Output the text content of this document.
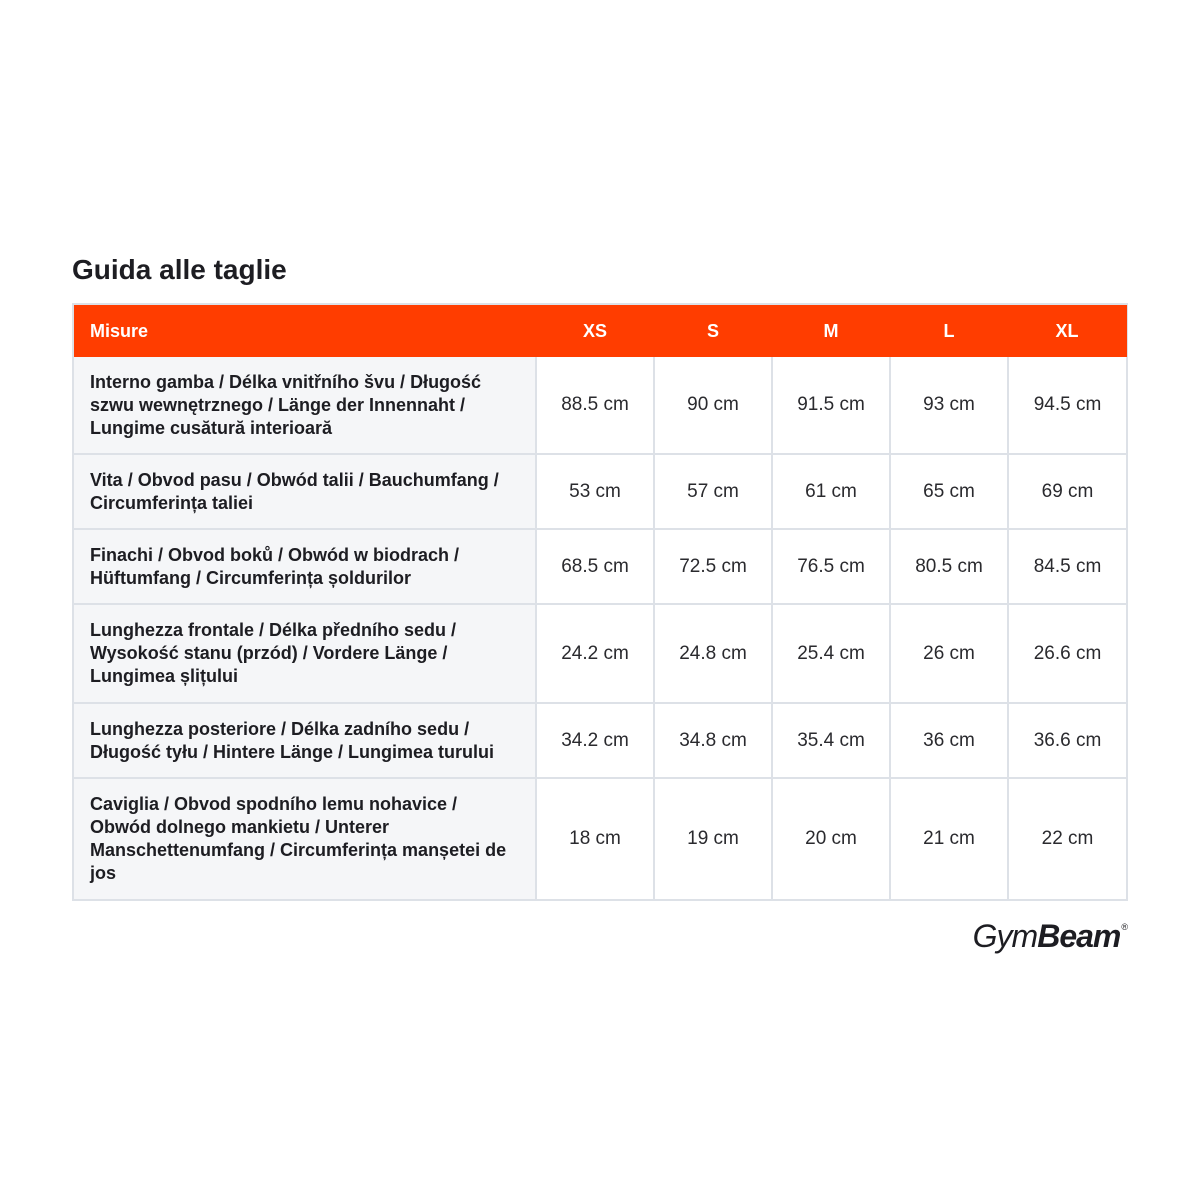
Guida alle taglie
Misure	XS	S	M	L	XL
Interno gamba / Délka vnitřního švu / Długość szwu wewnętrznego / Länge der Innennaht / Lungime cusătură interioară	88.5 cm	90 cm	91.5 cm	93 cm	94.5 cm
Vita / Obvod pasu / Obwód talii / Bauchumfang / Circumferința taliei	53 cm	57 cm	61 cm	65 cm	69 cm
Finachi / Obvod boků / Obwód w biodrach / Hüftumfang / Circumferința șoldurilor	68.5 cm	72.5 cm	76.5 cm	80.5 cm	84.5 cm
Lunghezza frontale / Délka předního sedu / Wysokość stanu (przód) / Vordere Länge / Lungimea șlițului	24.2 cm	24.8 cm	25.4 cm	26 cm	26.6 cm
Lunghezza posteriore / Délka zadního sedu / Długość tyłu / Hintere Länge / Lungimea turului	34.2 cm	34.8 cm	35.4 cm	36 cm	36.6 cm
Caviglia / Obvod spodního lemu nohavice / Obwód dolnego mankietu / Unterer Manschettenumfang / Circumferința manșetei de jos	18 cm	19 cm	20 cm	21 cm	22 cm
GymBeam®
